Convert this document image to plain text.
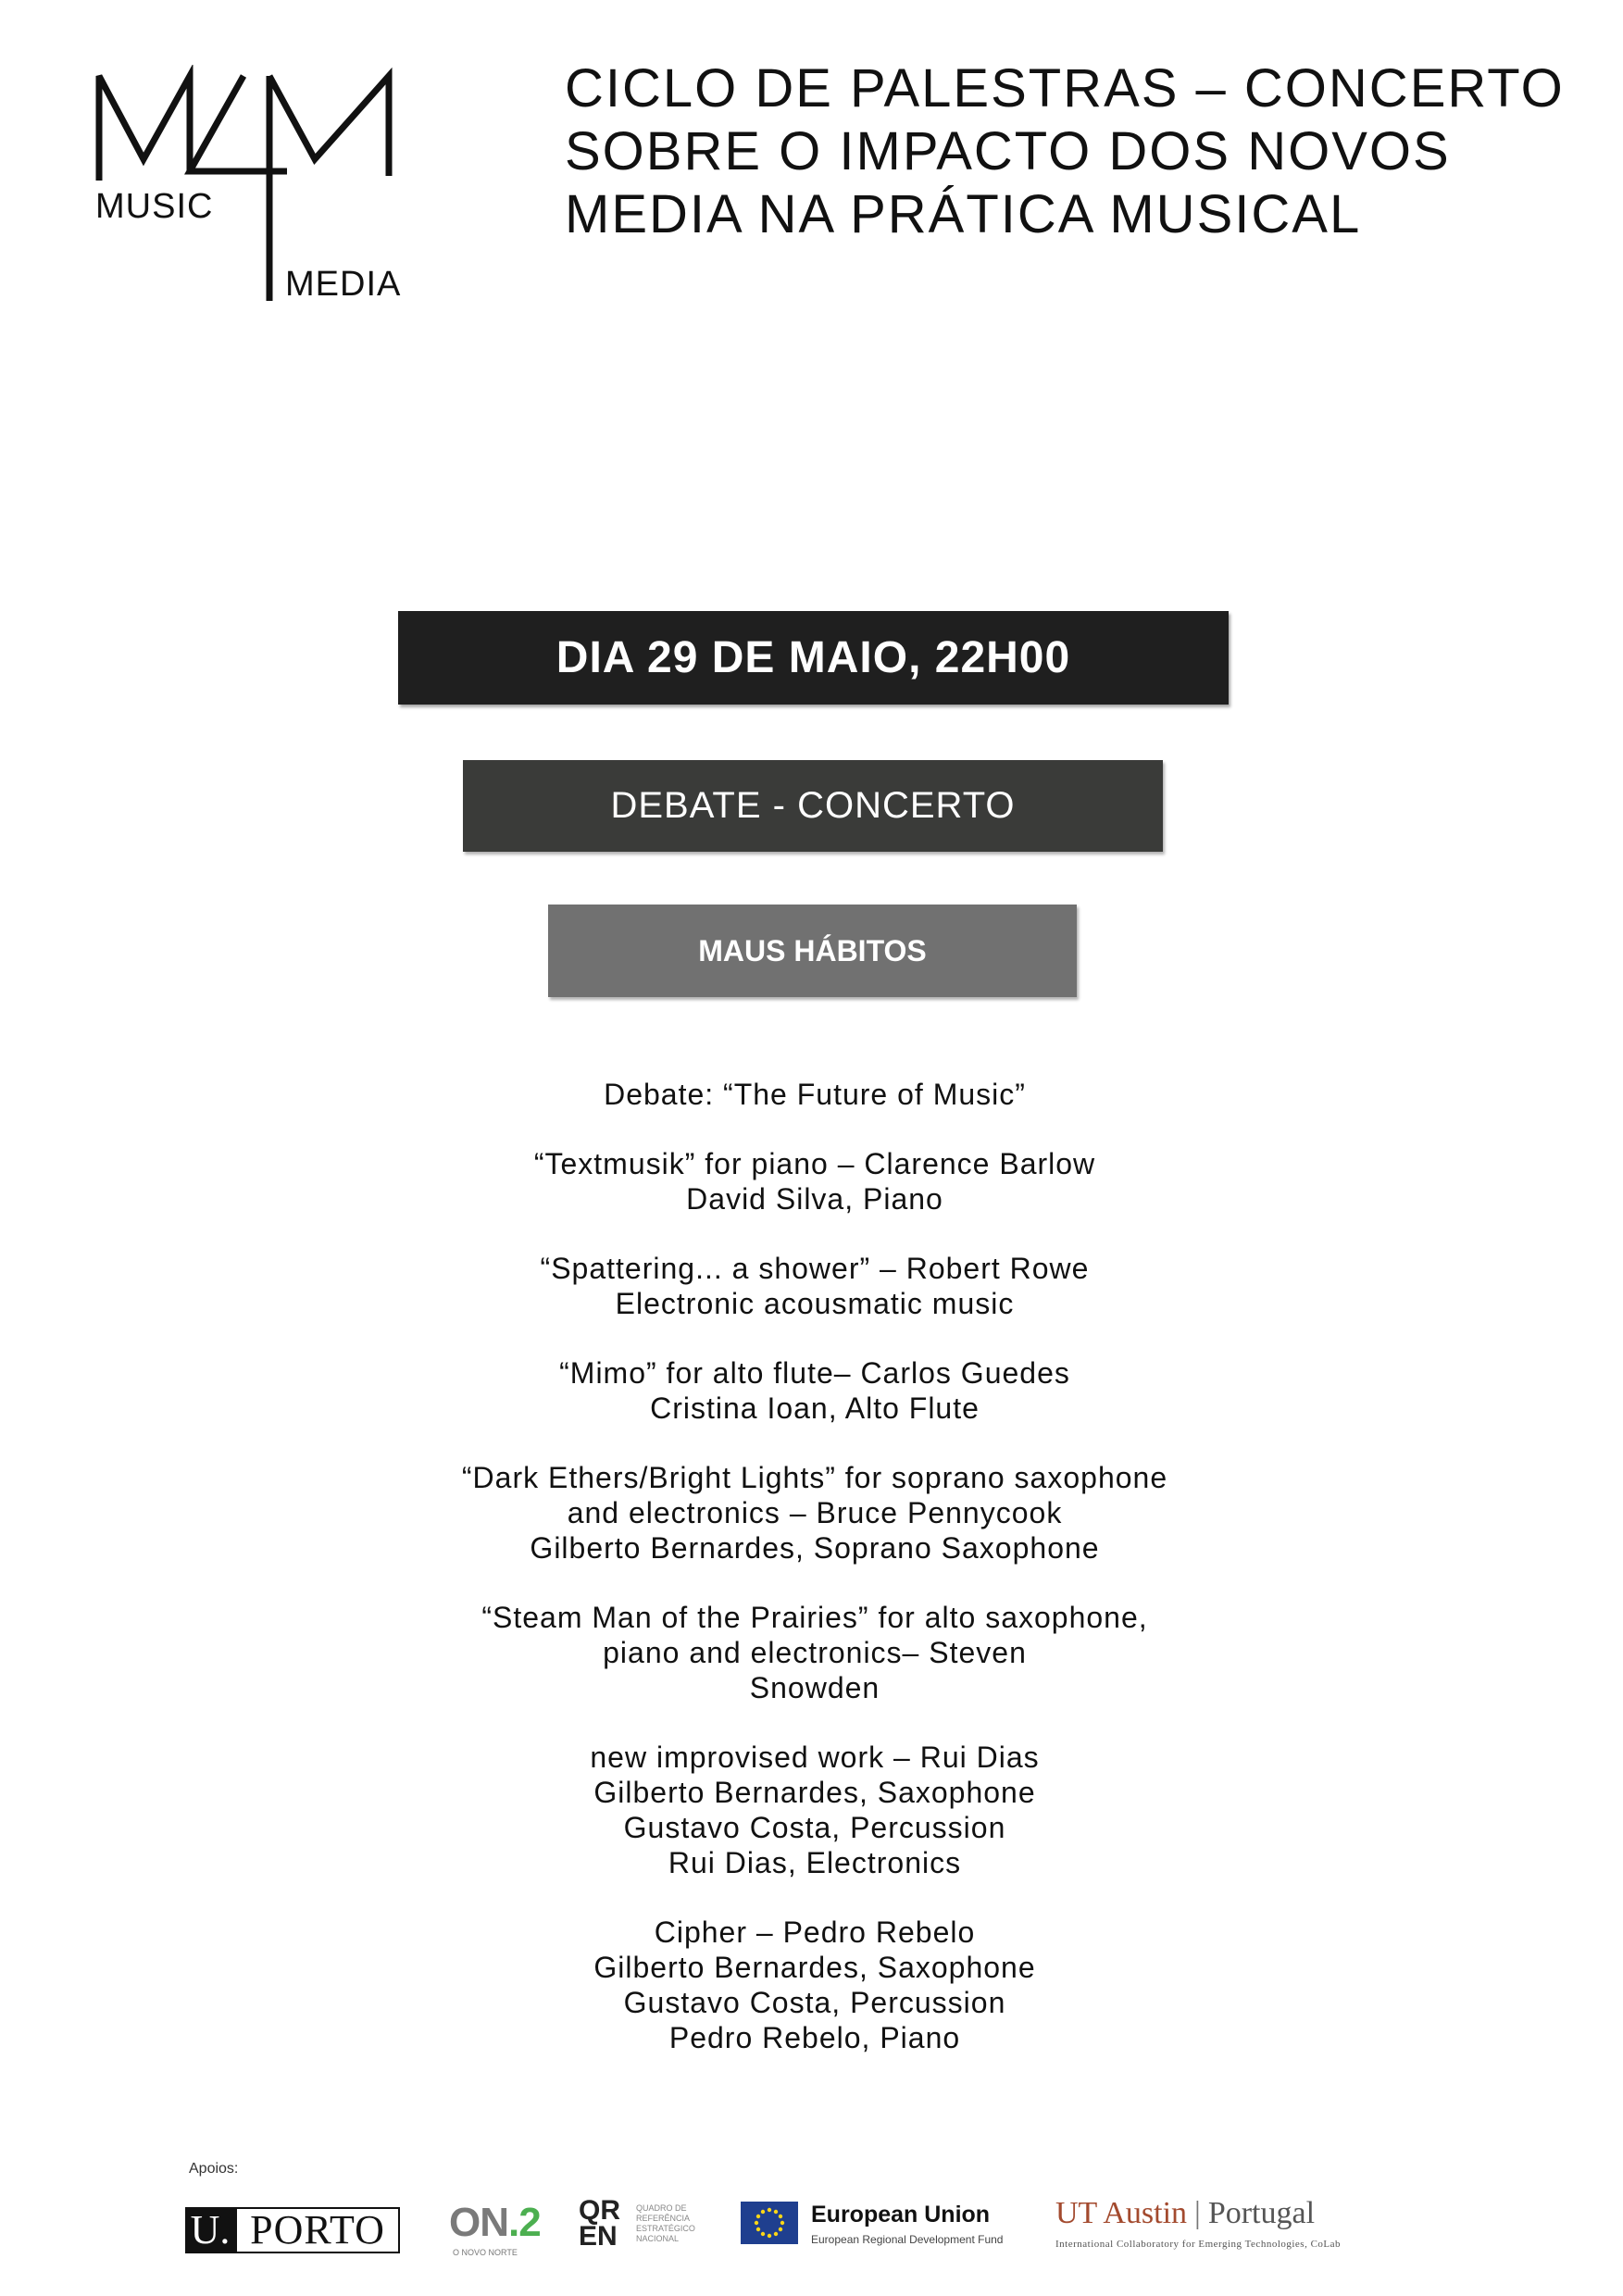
MUSIC
MEDIA
CICLO DE PALESTRAS – CONCERTO
SOBRE O IMPACTO DOS NOVOS
MEDIA NA PRÁTICA MUSICAL
DIA 29 DE MAIO, 22H00
DEBATE - CONCERTO
MAUS HÁBITOS
Debate: “The Future of Music”
“Textmusik” for piano – Clarence Barlow
David Silva, Piano
“Spattering... a shower” – Robert Rowe
Electronic acousmatic music
“Mimo” for alto flute– Carlos Guedes
Cristina Ioan, Alto Flute
“Dark Ethers/Bright Lights” for soprano saxophone
and electronics – Bruce Pennycook
Gilberto Bernardes, Soprano Saxophone
“Steam Man of the Prairies” for alto saxophone,
piano and electronics– Steven
Snowden
new improvised work – Rui Dias
Gilberto Bernardes, Saxophone
Gustavo Costa, Percussion
Rui Dias, Electronics
Cipher – Pedro Rebelo
Gilberto Bernardes, Saxophone
Gustavo Costa, Percussion
Pedro Rebelo, Piano
Apoios:
U. PORTO	ON.2
O NOVO NORTE
QR
EN
QUADRO DE REFERÊNCIA ESTRATÉGICO NACIONAL
European Union
European Regional Development Fund
UT Austin | Portugal
International Collaboratory for Emerging Technologies, CoLab
